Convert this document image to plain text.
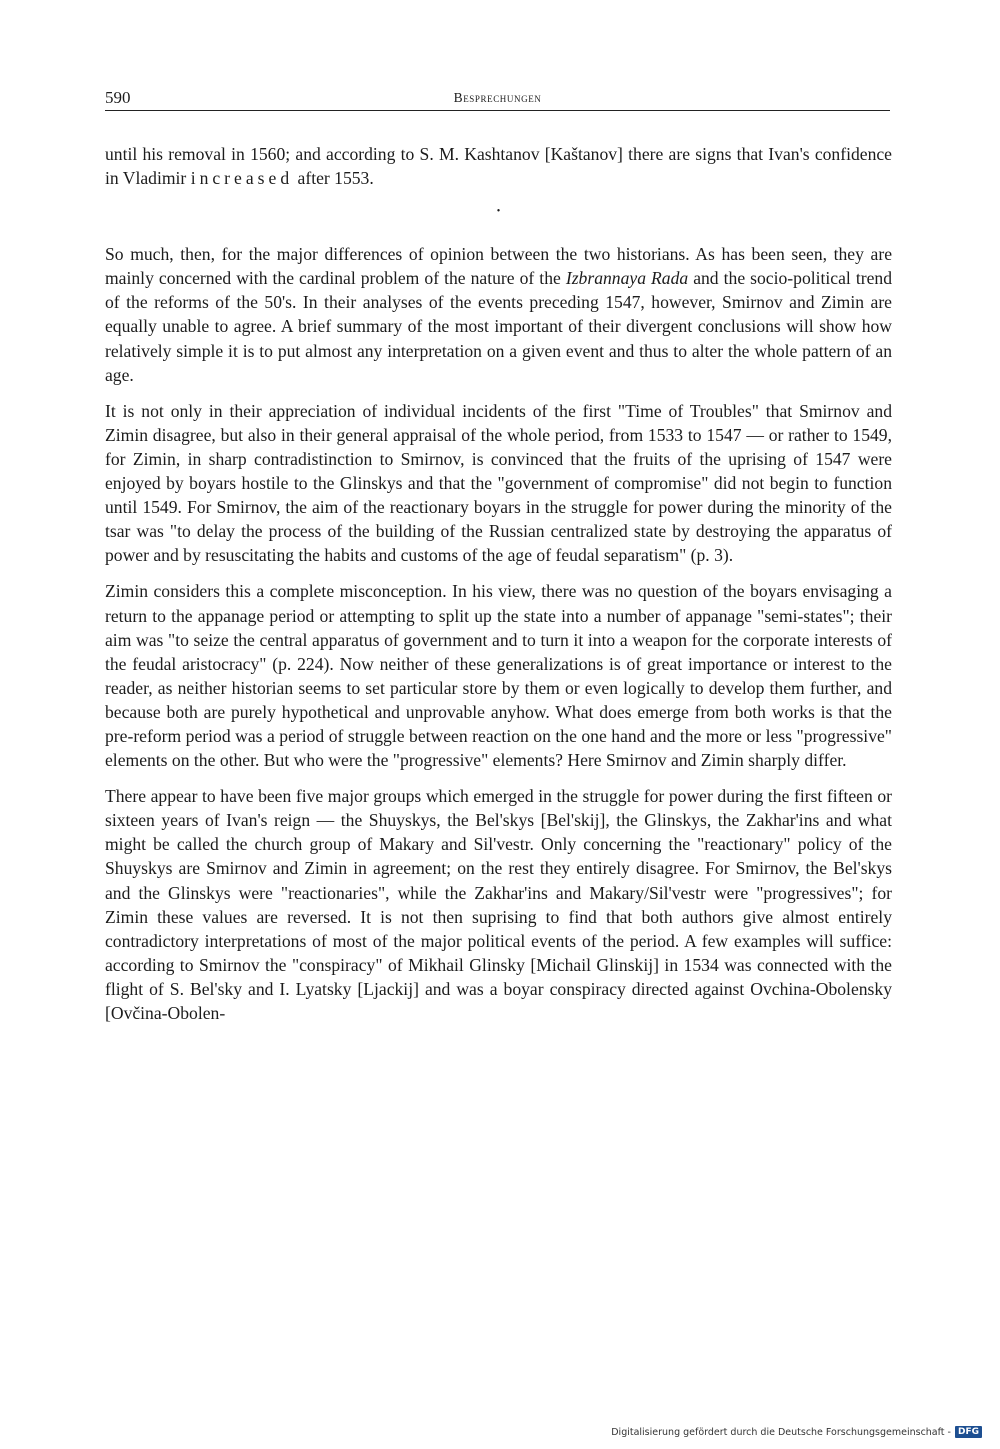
590	Besprechungen

until his removal in 1560; and according to S. M. Kashtanov [Kaštanov] there are signs that Ivan's confidence in Vladimir increased after 1553.

•

So much, then, for the major differences of opinion between the two historians. As has been seen, they are mainly concerned with the cardinal problem of the nature of the Izbrannaya Rada and the socio-political trend of the reforms of the 50's. In their analyses of the events preceding 1547, however, Smirnov and Zimin are equally unable to agree. A brief summary of the most important of their divergent conclusions will show how relatively simple it is to put almost any interpretation on a given event and thus to alter the whole pattern of an age.

It is not only in their appreciation of individual incidents of the first "Time of Troubles" that Smirnov and Zimin disagree, but also in their general appraisal of the whole period, from 1533 to 1547 — or rather to 1549, for Zimin, in sharp contradistinction to Smirnov, is convinced that the fruits of the uprising of 1547 were enjoyed by boyars hostile to the Glinskys and that the "government of compromise" did not begin to function until 1549. For Smirnov, the aim of the reactionary boyars in the struggle for power during the minority of the tsar was "to delay the process of the building of the Russian centralized state by destroying the apparatus of power and by resuscitating the habits and customs of the age of feudal separatism" (p. 3).

Zimin considers this a complete misconception. In his view, there was no question of the boyars envisaging a return to the appanage period or attempting to split up the state into a number of appanage "semi-states"; their aim was "to seize the central apparatus of government and to turn it into a weapon for the corporate interests of the feudal aristocracy" (p. 224). Now neither of these generalizations is of great importance or interest to the reader, as neither historian seems to set particular store by them or even logically to develop them further, and because both are purely hypothetical and unprovable anyhow. What does emerge from both works is that the pre-reform period was a period of struggle between reaction on the one hand and the more or less "progressive" elements on the other. But who were the "progressive" elements? Here Smirnov and Zimin sharply differ.

There appear to have been five major groups which emerged in the struggle for power during the first fifteen or sixteen years of Ivan's reign — the Shuyskys, the Bel'skys [Bel'skij], the Glinskys, the Zakhar'ins and what might be called the church group of Makary and Sil'vestr. Only concerning the "reactionary" policy of the Shuyskys are Smirnov and Zimin in agreement; on the rest they entirely disagree. For Smirnov, the Bel'skys and the Glinskys were "reactionaries", while the Zakhar'ins and Makary/Sil'vestr were "progressives"; for Zimin these values are reversed. It is not then suprising to find that both authors give almost entirely contradictory interpretations of most of the major political events of the period. A few examples will suffice: according to Smirnov the "conspiracy" of Mikhail Glinsky [Michail Glinskij] in 1534 was connected with the flight of S. Bel'sky and I. Lyatsky [Ljackij] and was a boyar conspiracy directed against Ovchina-Obolensky [Ovčina-Obolen-

Digitalisierung gefördert durch die Deutsche Forschungsgemeinschaft - DFG
